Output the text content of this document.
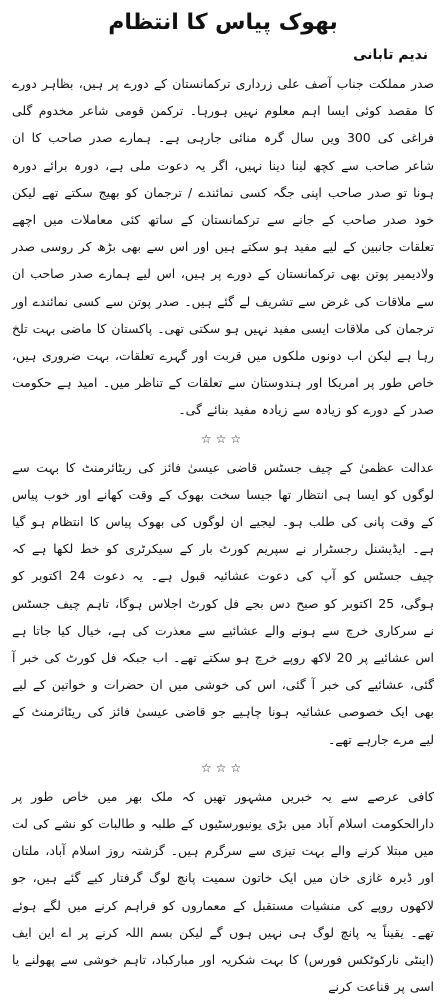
بھوک پیاس کا انتظام
ندیم تابانی

صدر مملکت جناب آصف علی زرداری ترکمانستان کے دورے پر ہیں، بظاہر دورے کا مقصد کوئی ایسا اہم معلوم نہیں ہورہا۔ ترکمن قومی شاعر مخدوم گلی فراغی کی 300 ویں سال گرہ منائی جارہی ہے۔ ہمارے صدر صاحب کا ان شاعر صاحب سے کچھ لینا دینا نہیں، اگر یہ دعوت ملی ہے، دورہ برائے دورہ ہونا تو صدر صاحب اپنی جگہ کسی نمائندے / ترجمان کو بھیج سکتے تھے لیکن خود صدر صاحب کے جانے سے ترکمانستان کے ساتھ کئی معاملات میں اچھے تعلقات جانبین کے لیے مفید ہو سکتے ہیں اور اس سے بھی بڑھ کر روسی صدر ولادیمیر پوتن بھی ترکمانستان کے دورے پر ہیں، اس لیے ہمارے صدر صاحب ان سے ملاقات کی غرض سے تشریف لے گئے ہیں۔ صدر پوتن سے کسی نمائندے اور ترجمان کی ملاقات ایسی مفید نہیں ہو سکتی تھی۔ پاکستان کا ماضی بہت تلخ رہا ہے لیکن اب دونوں ملکوں میں قربت اور گہرے تعلقات، بہت ضروری ہیں، خاص طور پر امریکا اور ہندوستان سے تعلقات کے تناظر میں۔ امید ہے حکومت صدر کے دورے کو زیادہ سے زیادہ مفید بنائے گی۔

☆☆☆

عدالت عظمیٰ کے چیف جسٹس قاضی عیسیٰ فائز کی ریٹائرمنٹ کا بہت سے لوگوں کو ایسا ہی انتظار تھا جیسا سخت بھوک کے وقت کھانے اور خوب پیاس کے وقت پانی کی طلب ہو۔ لیجیے ان لوگوں کی بھوک پیاس کا انتظام ہو گیا ہے۔ ایڈیشنل رجسٹرار نے سپریم کورٹ بار کے سیکرٹری کو خط لکھا ہے کہ چیف جسٹس کو آپ کی دعوت عشائیہ قبول ہے۔ یہ دعوت 24 اکتوبر کو ہوگی، 25 اکتوبر کو صبح دس بجے فل کورٹ اجلاس ہوگا، تاہم چیف جسٹس نے سرکاری خرچ سے ہونے والے عشائیے سے معذرت کی ہے، خیال کیا جاتا ہے اس عشائیے پر 20 لاکھ روپے خرچ ہو سکتے تھے۔ اب جبکہ فل کورٹ کی خبر آ گئی، عشائیے کی خبر آ گئی، اس کی خوشی میں ان حضرات و خواتین کے لیے بھی ایک خصوصی عشائیہ ہونا چاہیے جو قاضی عیسیٰ فائز کی ریٹائرمنٹ کے لیے مرے جارہے تھے۔

☆☆☆

کافی عرصے سے یہ خبریں مشہور تھیں کہ ملک بھر میں خاص طور پر دارالحکومت اسلام آباد میں بڑی یونیورسٹیوں کے طلبہ و طالبات کو نشے کی لت میں مبتلا کرنے والے بہت تیزی سے سرگرم ہیں۔ گزشتہ روز اسلام آباد، ملتان اور ڈیرہ غازی خان میں ایک خاتون سمیت پانچ لوگ گرفتار کیے گئے ہیں، جو لاکھوں روپے کی منشیات مستقبل کے معماروں کو فراہم کرنے میں لگے ہوئے تھے۔ یقیناً یہ پانچ لوگ ہی نہیں ہوں گے لیکن بسم اللہ کرنے پر اے این ایف (اینٹی نارکوٹکس فورس) کا بہت شکریہ اور مبارکباد، تاہم خوشی سے پھولنے یا اسی پر قناعت کرنے
